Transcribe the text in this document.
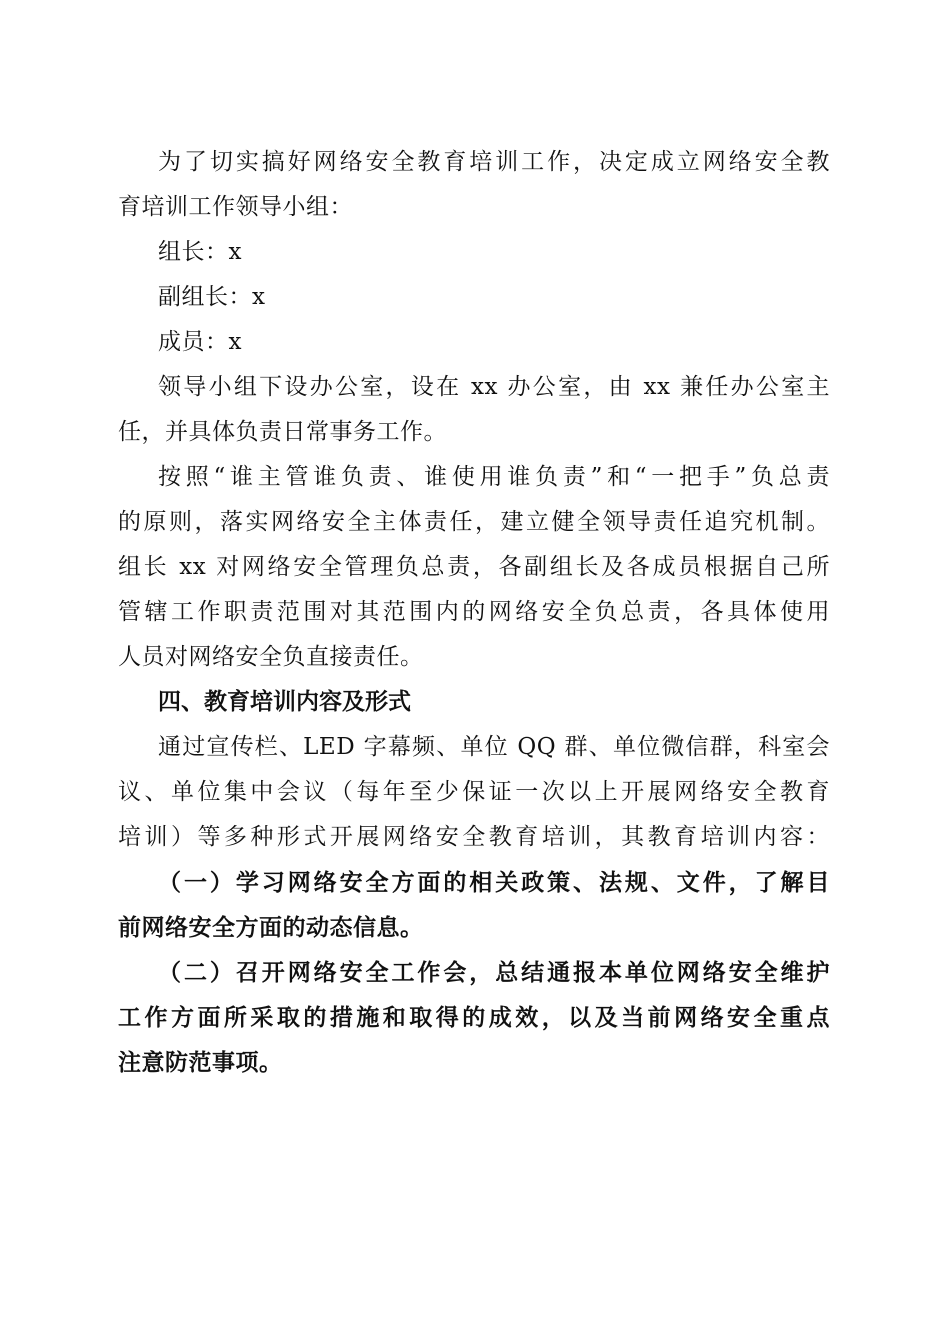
为了切实搞好网络安全教育培训工作，决定成立网络安全教
育培训工作领导小组：
组长：x
副组长：x
成员：x
领导小组下设办公室，设在 xx 办公室，由 xx 兼任办公室主
任，并具体负责日常事务工作。
按照“谁主管谁负责、谁使用谁负责”和“一把手”负总责
的原则，落实网络安全主体责任，建立健全领导责任追究机制。
组长 xx 对网络安全管理负总责，各副组长及各成员根据自己所
管辖工作职责范围对其范围内的网络安全负总责，各具体使用
人员对网络安全负直接责任。
四、教育培训内容及形式
通过宣传栏、LED 字幕频、单位 QQ 群、单位微信群，科室会
议、单位集中会议（每年至少保证一次以上开展网络安全教育
培训）等多种形式开展网络安全教育培训，其教育培训内容：
（一）学习网络安全方面的相关政策、法规、文件，了解目
前网络安全方面的动态信息。
（二）召开网络安全工作会，总结通报本单位网络安全维护
工作方面所采取的措施和取得的成效，以及当前网络安全重点
注意防范事项。
